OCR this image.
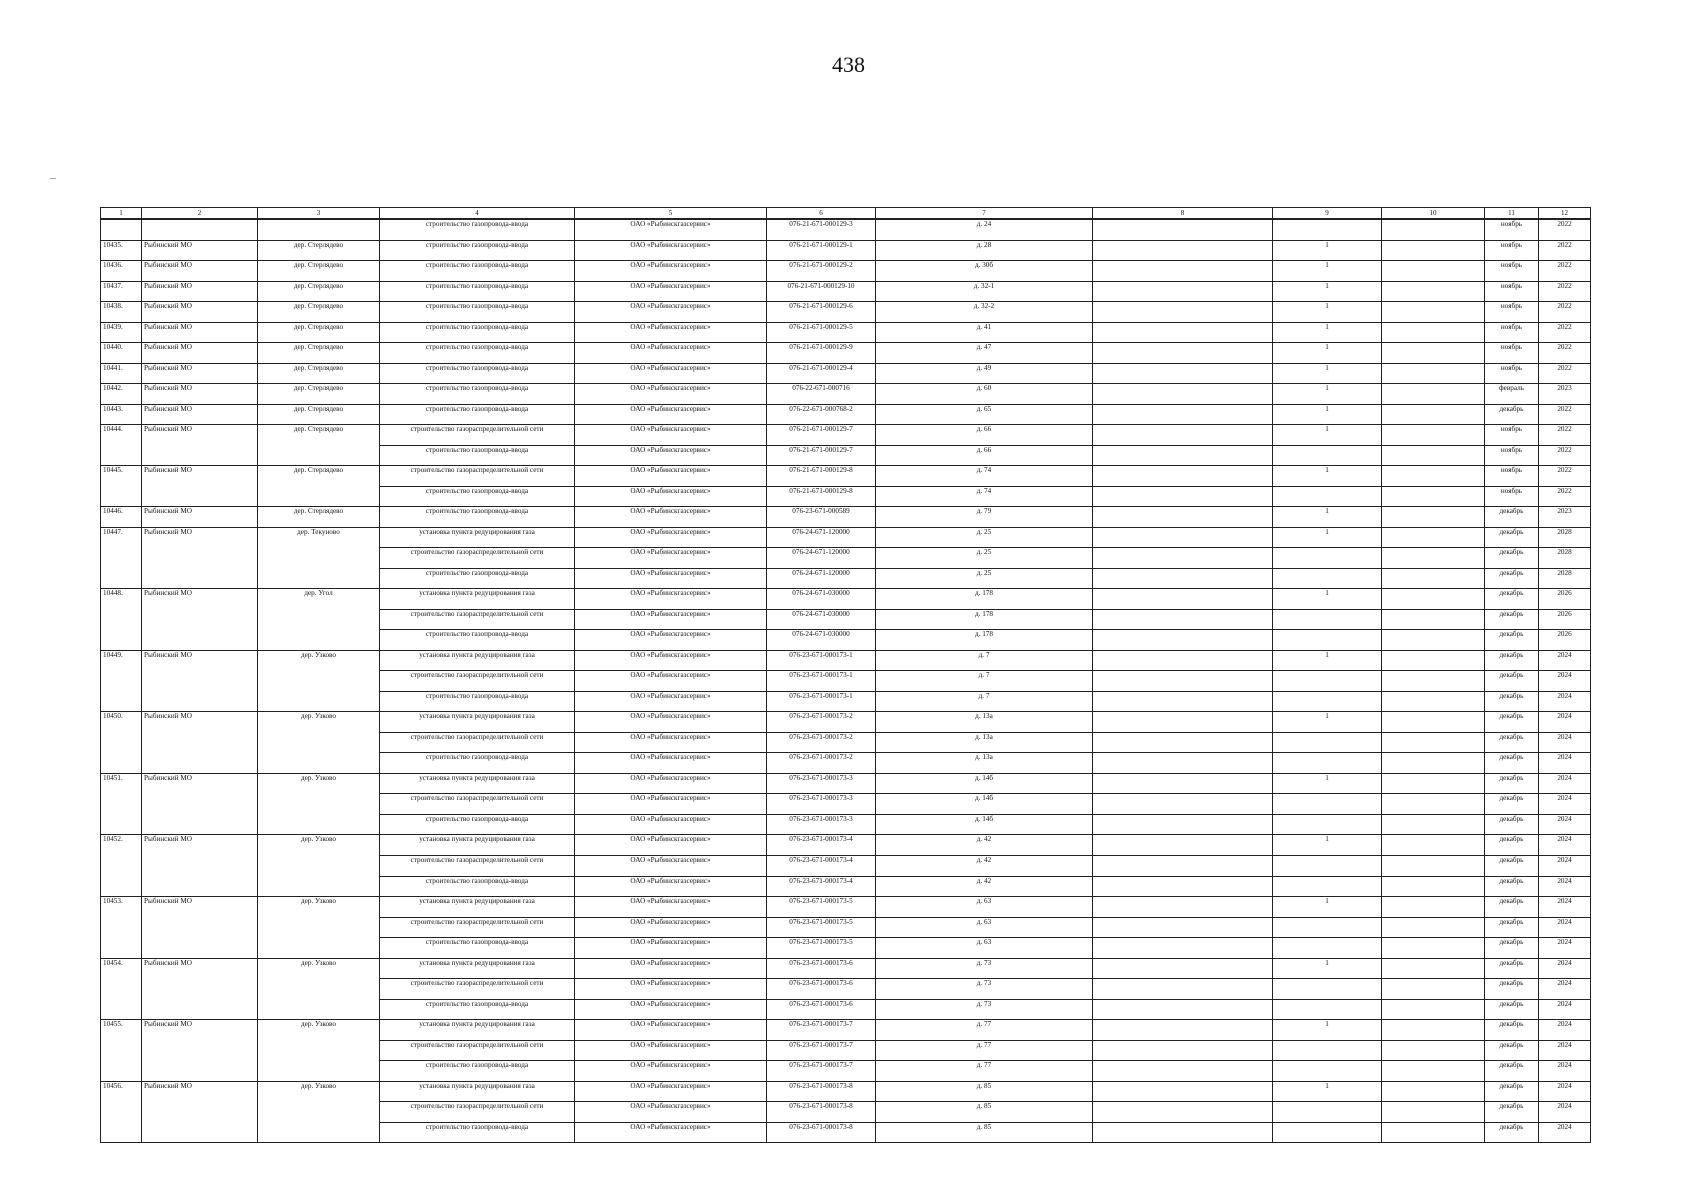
438
1	2	3	4	5	6	7	8	9	10	11	12
			строительство газопровода-ввода	ОАО «Рыбинскгазсервис»	076-21-671-000129-3	д. 24				ноябрь	2022
10435.	Рыбинский МО	дер. Стерлядево	строительство газопровода-ввода	ОАО «Рыбинскгазсервис»	076-21-671-000129-1	д. 28		1		ноябрь	2022
10436.	Рыбинский МО	дер. Стерлядево	строительство газопровода-ввода	ОАО «Рыбинскгазсервис»	076-21-671-000129-2	д. 30б		1		ноябрь	2022
10437.	Рыбинский МО	дер. Стерлядево	строительство газопровода-ввода	ОАО «Рыбинскгазсервис»	076-21-671-000129-10	д. 32-1		1		ноябрь	2022
10438.	Рыбинский МО	дер. Стерлядево	строительство газопровода-ввода	ОАО «Рыбинскгазсервис»	076-21-671-000129-6	д. 32-2		1		ноябрь	2022
10439.	Рыбинский МО	дер. Стерлядево	строительство газопровода-ввода	ОАО «Рыбинскгазсервис»	076-21-671-000129-5	д. 41		1		ноябрь	2022
10440.	Рыбинский МО	дер. Стерлядево	строительство газопровода-ввода	ОАО «Рыбинскгазсервис»	076-21-671-000129-9	д. 47		1		ноябрь	2022
10441.	Рыбинский МО	дер. Стерлядево	строительство газопровода-ввода	ОАО «Рыбинскгазсервис»	076-21-671-000129-4	д. 49		1		ноябрь	2022
10442.	Рыбинский МО	дер. Стерлядево	строительство газопровода-ввода	ОАО «Рыбинскгазсервис»	076-22-671-000716	д. 60		1		февраль	2023
10443.	Рыбинский МО	дер. Стерлядево	строительство газопровода-ввода	ОАО «Рыбинскгазсервис»	076-22-671-000768-2	д. 65		1		декабрь	2022
10444.	Рыбинский МО	дер. Стерлядево	строительство газораспределительной сети	ОАО «Рыбинскгазсервис»	076-21-671-000129-7	д. 66		1		ноябрь	2022
			строительство газопровода-ввода	ОАО «Рыбинскгазсервис»	076-21-671-000129-7	д. 66				ноябрь	2022
10445.	Рыбинский МО	дер. Стерлядево	строительство газораспределительной сети	ОАО «Рыбинскгазсервис»	076-21-671-000129-8	д. 74		1		ноябрь	2022
			строительство газопровода-ввода	ОАО «Рыбинскгазсервис»	076-21-671-000129-8	д. 74				ноябрь	2022
10446.	Рыбинский МО	дер. Стерлядево	строительство газопровода-ввода	ОАО «Рыбинскгазсервис»	076-23-671-000589	д. 79		1		декабрь	2023
10447.	Рыбинский МО	дер. Текуново	установка пункта редуцирования газа	ОАО «Рыбинскгазсервис»	076-24-671-120000	д. 25		1		декабрь	2028
			строительство газораспределительной сети	ОАО «Рыбинскгазсервис»	076-24-671-120000	д. 25				декабрь	2028
			строительство газопровода-ввода	ОАО «Рыбинскгазсервис»	076-24-671-120000	д. 25				декабрь	2028
10448.	Рыбинский МО	дер. Угол	установка пункта редуцирования газа	ОАО «Рыбинскгазсервис»	076-24-671-030000	д. 178		1		декабрь	2026
			строительство газораспределительной сети	ОАО «Рыбинскгазсервис»	076-24-671-030000	д. 178				декабрь	2026
			строительство газопровода-ввода	ОАО «Рыбинскгазсервис»	076-24-671-030000	д. 178				декабрь	2026
10449.	Рыбинский МО	дер. Узково	установка пункта редуцирования газа	ОАО «Рыбинскгазсервис»	076-23-671-000173-1	д. 7		1		декабрь	2024
			строительство газораспределительной сети	ОАО «Рыбинскгазсервис»	076-23-671-000173-1	д. 7				декабрь	2024
			строительство газопровода-ввода	ОАО «Рыбинскгазсервис»	076-23-671-000173-1	д. 7				декабрь	2024
10450.	Рыбинский МО	дер. Узково	установка пункта редуцирования газа	ОАО «Рыбинскгазсервис»	076-23-671-000173-2	д. 13а		1		декабрь	2024
			строительство газораспределительной сети	ОАО «Рыбинскгазсервис»	076-23-671-000173-2	д. 13а				декабрь	2024
			строительство газопровода-ввода	ОАО «Рыбинскгазсервис»	076-23-671-000173-2	д. 13а				декабрь	2024
10451.	Рыбинский МО	дер. Узково	установка пункта редуцирования газа	ОАО «Рыбинскгазсервис»	076-23-671-000173-3	д. 14б		1		декабрь	2024
			строительство газораспределительной сети	ОАО «Рыбинскгазсервис»	076-23-671-000173-3	д. 14б				декабрь	2024
			строительство газопровода-ввода	ОАО «Рыбинскгазсервис»	076-23-671-000173-3	д. 14б				декабрь	2024
10452.	Рыбинский МО	дер. Узково	установка пункта редуцирования газа	ОАО «Рыбинскгазсервис»	076-23-671-000173-4	д. 42		1		декабрь	2024
			строительство газораспределительной сети	ОАО «Рыбинскгазсервис»	076-23-671-000173-4	д. 42				декабрь	2024
			строительство газопровода-ввода	ОАО «Рыбинскгазсервис»	076-23-671-000173-4	д. 42				декабрь	2024
10453.	Рыбинский МО	дер. Узково	установка пункта редуцирования газа	ОАО «Рыбинскгазсервис»	076-23-671-000173-5	д. 63		1		декабрь	2024
			строительство газораспределительной сети	ОАО «Рыбинскгазсервис»	076-23-671-000173-5	д. 63				декабрь	2024
			строительство газопровода-ввода	ОАО «Рыбинскгазсервис»	076-23-671-000173-5	д. 63				декабрь	2024
10454.	Рыбинский МО	дер. Узково	установка пункта редуцирования газа	ОАО «Рыбинскгазсервис»	076-23-671-000173-6	д. 73		1		декабрь	2024
			строительство газораспределительной сети	ОАО «Рыбинскгазсервис»	076-23-671-000173-6	д. 73				декабрь	2024
			строительство газопровода-ввода	ОАО «Рыбинскгазсервис»	076-23-671-000173-6	д. 73				декабрь	2024
10455.	Рыбинский МО	дер. Узково	установка пункта редуцирования газа	ОАО «Рыбинскгазсервис»	076-23-671-000173-7	д. 77		1		декабрь	2024
			строительство газораспределительной сети	ОАО «Рыбинскгазсервис»	076-23-671-000173-7	д. 77				декабрь	2024
			строительство газопровода-ввода	ОАО «Рыбинскгазсервис»	076-23-671-000173-7	д. 77				декабрь	2024
10456.	Рыбинский МО	дер. Узково	установка пункта редуцирования газа	ОАО «Рыбинскгазсервис»	076-23-671-000173-8	д. 85		1		декабрь	2024
			строительство газораспределительной сети	ОАО «Рыбинскгазсервис»	076-23-671-000173-8	д. 85				декабрь	2024
			строительство газопровода-ввода	ОАО «Рыбинскгазсервис»	076-23-671-000173-8	д. 85				декабрь	2024
